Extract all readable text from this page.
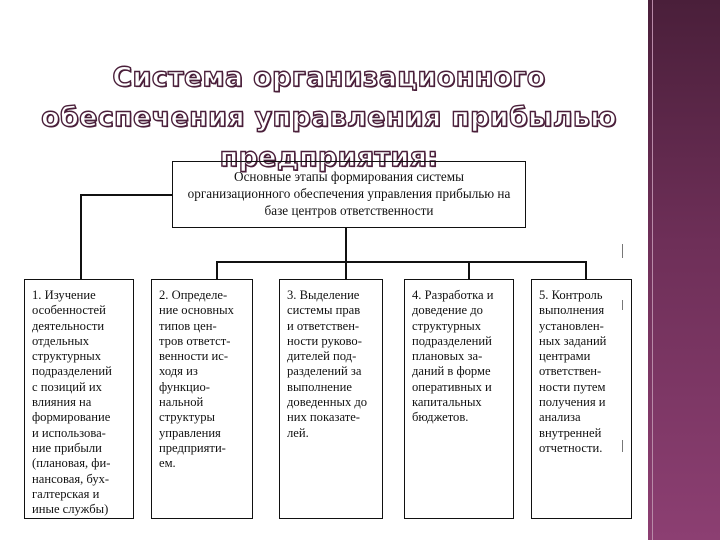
Система организационного обеспечения управления прибылью предприятия:
Основные этапы формирования системы организационного обеспечения управления прибылью на базе центров ответственности
1. Изучение
особенностей
деятельности
отдельных
структурных
подразделений
с позиций их
влияния на
формирование
и использова-
ние прибыли
(плановая, фи-
нансовая, бух-
галтерская и
иные службы)
2. Определе-
ние основных
типов цен-
тров ответст-
венности ис-
ходя из
функцио-
нальной
структуры
управления
предприяти-
ем.
3. Выделение
системы прав
и ответствен-
ности руково-
дителей под-
разделений за
выполнение
доведенных до
них показате-
лей.
4. Разработка и
доведение до
структурных
подразделений
плановых за-
даний в форме
оперативных и
капитальных
бюджетов.
5. Контроль
выполнения
установлен-
ных заданий
центрами
ответствен-
ности путем
получения и
анализа
внутренней
отчетности.
